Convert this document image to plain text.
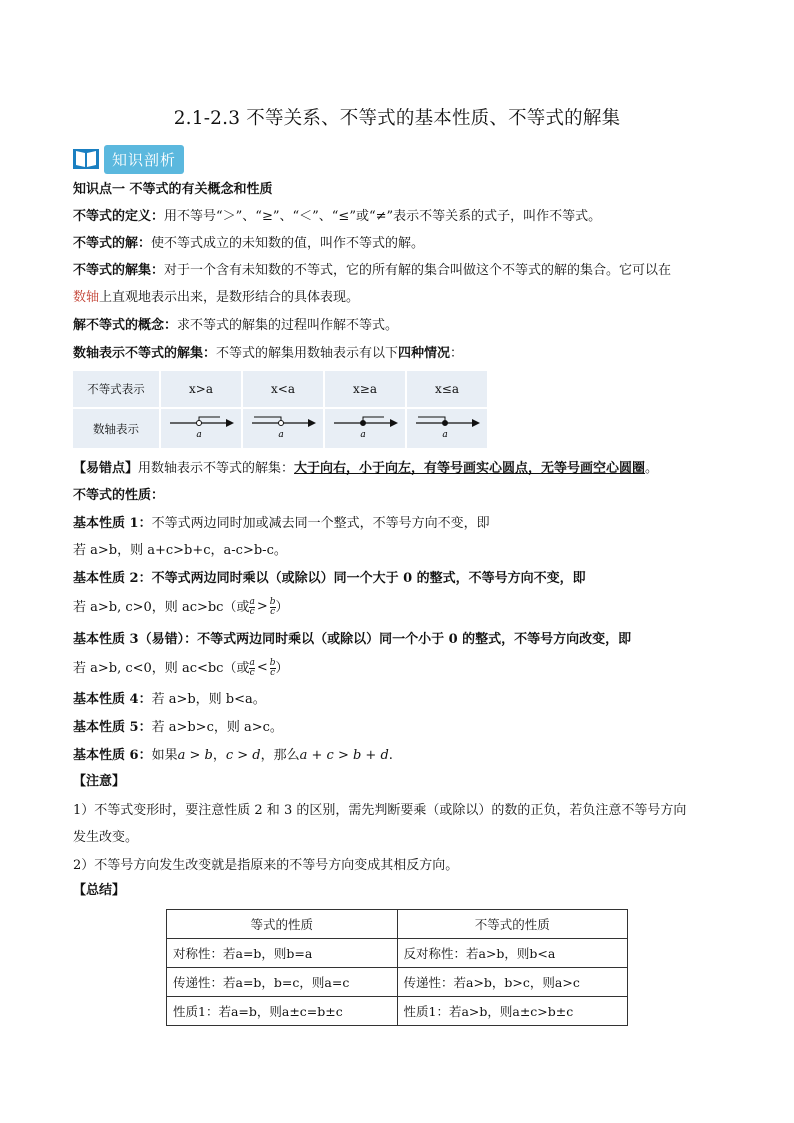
2.1-2.3 不等关系、不等式的基本性质、不等式的解集
知识剖析
知识点一 不等式的有关概念和性质
不等式的定义：用不等号“＞”、“≥”、“＜”、“≤”或“≠”表示不等关系的式子，叫作不等式。
不等式的解：使不等式成立的未知数的值，叫作不等式的解。
不等式的解集：对于一个含有未知数的不等式，它的所有解的集合叫做这个不等式的解的集合。它可以在
数轴上直观地表示出来，是数形结合的具体表现。
解不等式的概念：求不等式的解集的过程叫作解不等式。
数轴表示不等式的解集：不等式的解集用数轴表示有以下四种情况：
不等式表示	x>a	x<a	x≥a	x≤a
数轴表示	a	a	a	a
【易错点】用数轴表示不等式的解集：大于向右，小于向左，有等号画实心圆点，无等号画空心圆圈。
不等式的性质：
基本性质 1：不等式两边同时加或减去同一个整式，不等号方向不变，即
若 a>b，则 a+c>b+c，a-c>b-c。
基本性质 2：不等式两边同时乘以（或除以）同一个大于 0 的整式，不等号方向不变，即
若 a>b, c>0，则 ac>bc（或 $\frac{a}{c} > \frac{b}{c}$ ）
基本性质 3（易错）：不等式两边同时乘以（或除以）同一个小于 0 的整式，不等号方向改变，即
若 a>b, c<0，则 ac<bc（或 $\frac{a}{c} < \frac{b}{c}$ ）
基本性质 4：若 a>b，则 b<a。
基本性质 5：若 a>b>c，则 a>c。
基本性质 6：如果a > b，c > d，那么a + c > b + d.
【注意】
1）不等式变形时，要注意性质 2 和 3 的区别，需先判断要乘（或除以）的数的正负，若负注意不等号方向
发生改变。
2）不等号方向发生改变就是指原来的不等号方向变成其相反方向。
【总结】
等式的性质	不等式的性质
对称性：若a=b，则b=a	反对称性：若a>b，则b<a
传递性：若a=b，b=c，则a=c	传递性：若a>b，b>c，则a>c
性质1：若a=b，则a±c=b±c	性质1：若a>b，则a±c>b±c
